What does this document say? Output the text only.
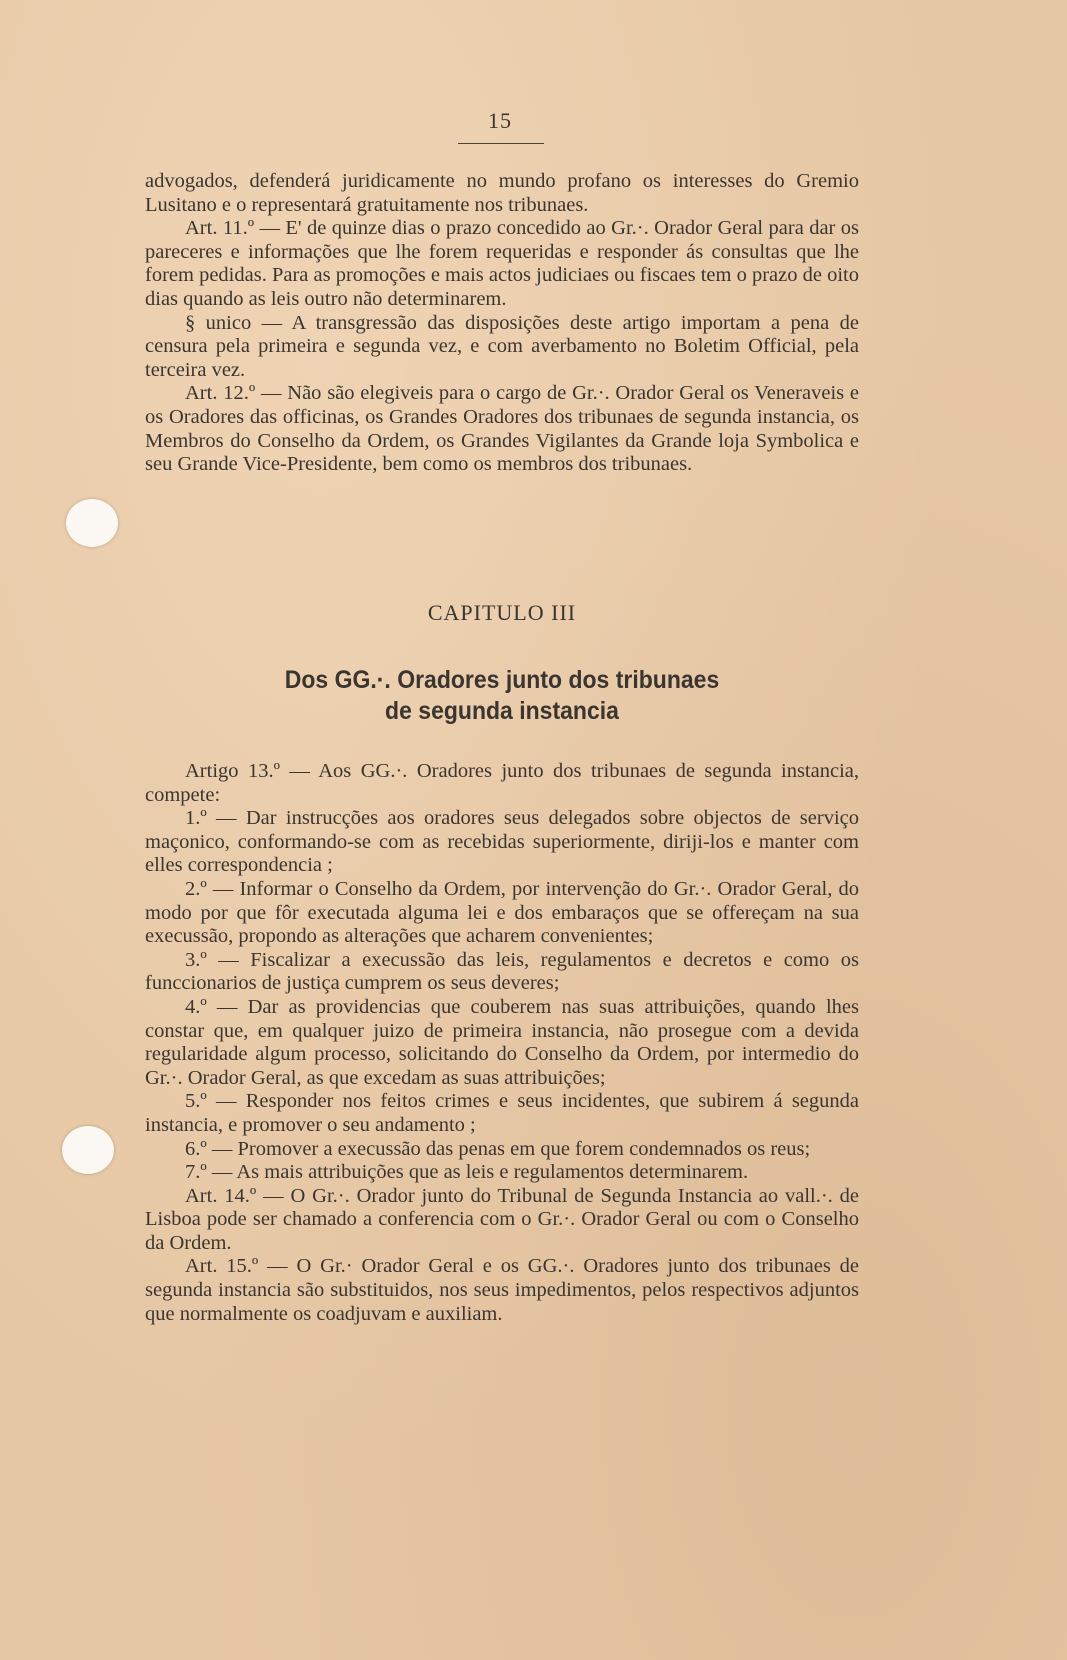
15

advogados, defenderá juridicamente no mundo profano os interesses do Gremio Lusitano e o representará gratuitamente nos tribunaes.

Art. 11.º — E' de quinze dias o prazo concedido ao Gr.·. Orador Geral para dar os pareceres e informações que lhe forem requeridas e responder ás consultas que lhe forem pedidas. Para as promoções e mais actos judiciaes ou fiscaes tem o prazo de oito dias quando as leis outro não determinarem.

§ unico — A transgressão das disposições deste artigo importam a pena de censura pela primeira e segunda vez, e com averbamento no Boletim Official, pela terceira vez.

Art. 12.º — Não são elegiveis para o cargo de Gr.·. Orador Geral os Veneraveis e os Oradores das officinas, os Grandes Oradores dos tribunaes de segunda instancia, os Membros do Conselho da Ordem, os Grandes Vigilantes da Grande loja Symbolica e seu Grande Vice-Presidente, bem como os membros dos tribunaes.

CAPITULO III
Dos GG.·. Oradores junto dos tribunaes
de segunda instancia

Artigo 13.º — Aos GG.·. Oradores junto dos tribunaes de segunda instancia, compete:

1.º — Dar instrucções aos oradores seus delegados sobre objectos de serviço maçonico, conformando-se com as recebidas superiormente, diriji-los e manter com elles correspondencia ;

2.º — Informar o Conselho da Ordem, por intervenção do Gr.·. Orador Geral, do modo por que fôr executada alguma lei e dos embaraços que se offereçam na sua execussão, propondo as alterações que acharem convenientes;

3.º — Fiscalizar a execussão das leis, regulamentos e decretos e como os funccionarios de justiça cumprem os seus deveres;

4.º — Dar as providencias que couberem nas suas attribuições, quando lhes constar que, em qualquer juizo de primeira instancia, não prosegue com a devida regularidade algum processo, solicitando do Conselho da Ordem, por intermedio do Gr.·. Orador Geral, as que excedam as suas attribuições;

5.º — Responder nos feitos crimes e seus incidentes, que subirem á segunda instancia, e promover o seu andamento ;

6.º — Promover a execussão das penas em que forem condemnados os reus;

7.º — As mais attribuições que as leis e regulamentos determinarem.

Art. 14.º — O Gr.·. Orador junto do Tribunal de Segunda Instancia ao vall.·. de Lisboa pode ser chamado a conferencia com o Gr.·. Orador Geral ou com o Conselho da Ordem.

Art. 15.º — O Gr.· Orador Geral e os GG.·. Oradores junto dos tribunaes de segunda instancia são substituidos, nos seus impedimentos, pelos respectivos adjuntos que normalmente os coadjuvam e auxiliam.
